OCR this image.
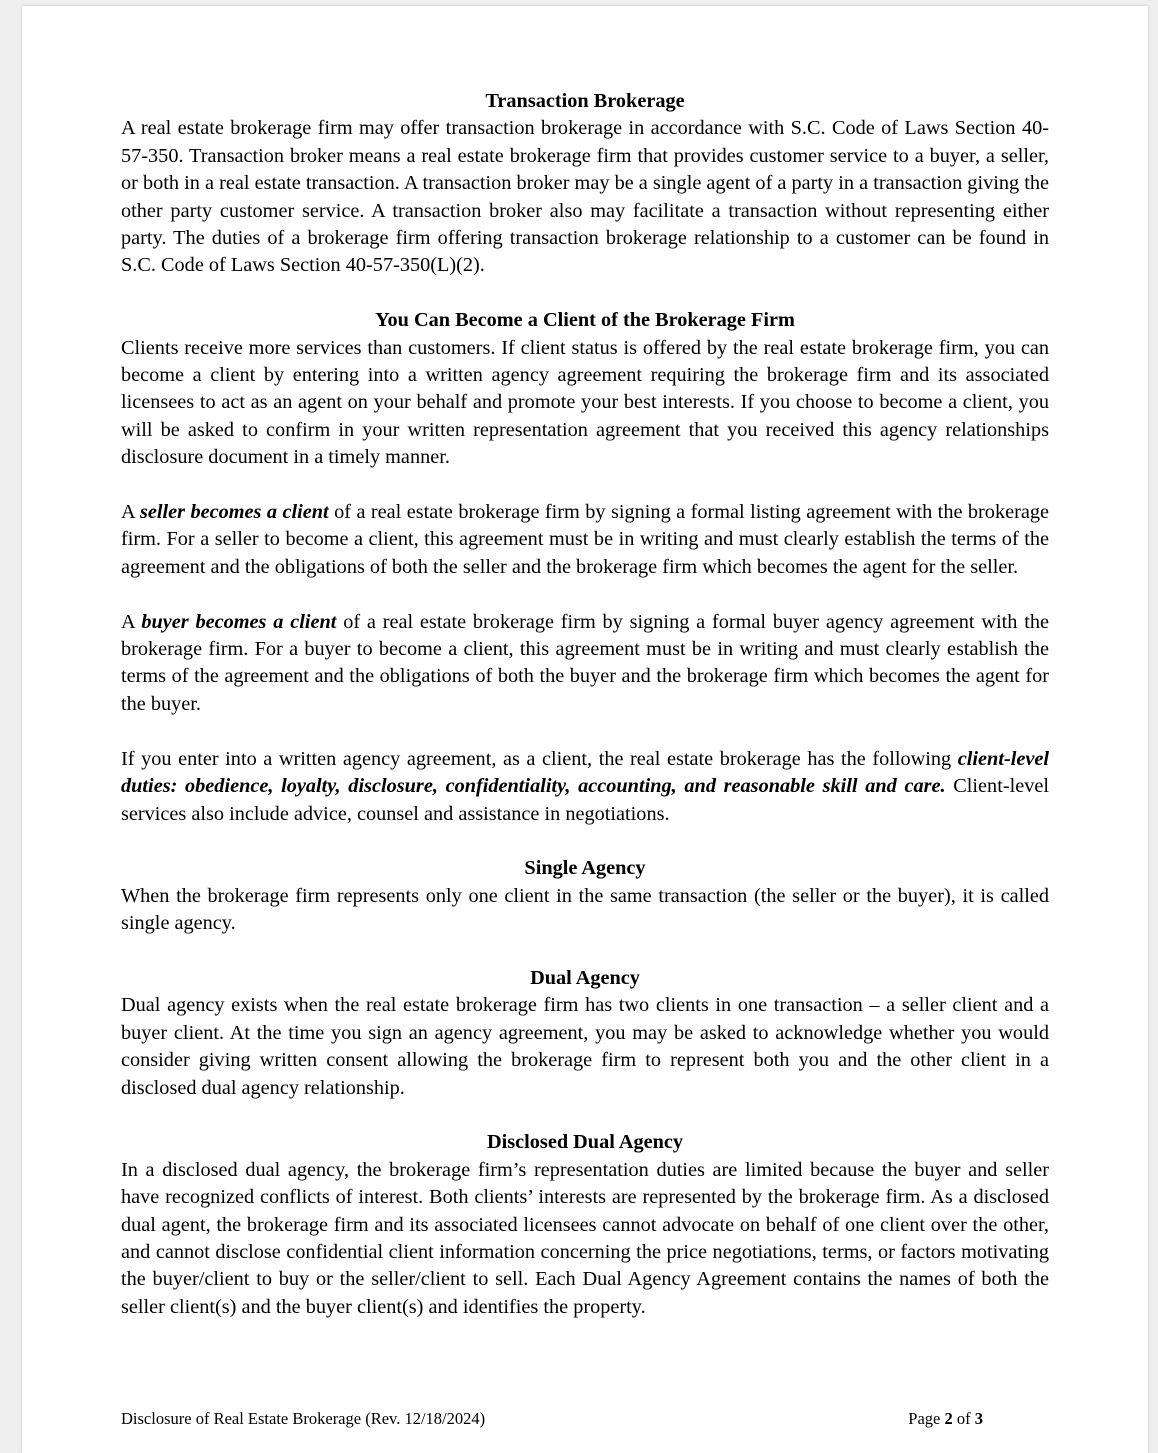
Transaction Brokerage

A real estate brokerage firm may offer transaction brokerage in accordance with S.C. Code of Laws Section 40- 57-350. Transaction broker means a real estate brokerage firm that provides customer service to a buyer, a seller, or both in a real estate transaction. A transaction broker may be a single agent of a party in a transaction giving the other party customer service. A transaction broker also may facilitate a transaction without representing either party. The duties of a brokerage firm offering transaction brokerage relationship to a customer can be found in S.C. Code of Laws Section 40-57-350(L)(2).

You Can Become a Client of the Brokerage Firm

Clients receive more services than customers. If client status is offered by the real estate brokerage firm, you can become a client by entering into a written agency agreement requiring the brokerage firm and its associated licensees to act as an agent on your behalf and promote your best interests. If you choose to become a client, you will be asked to confirm in your written representation agreement that you received this agency relationships disclosure document in a timely manner.

A seller becomes a client of a real estate brokerage firm by signing a formal listing agreement with the brokerage firm. For a seller to become a client, this agreement must be in writing and must clearly establish the terms of the agreement and the obligations of both the seller and the brokerage firm which becomes the agent for the seller.

A buyer becomes a client of a real estate brokerage firm by signing a formal buyer agency agreement with the brokerage firm. For a buyer to become a client, this agreement must be in writing and must clearly establish the terms of the agreement and the obligations of both the buyer and the brokerage firm which becomes the agent for the buyer.

If you enter into a written agency agreement, as a client, the real estate brokerage has the following client-level duties: obedience, loyalty, disclosure, confidentiality, accounting, and reasonable skill and care. Client-level services also include advice, counsel and assistance in negotiations.

Single Agency

When the brokerage firm represents only one client in the same transaction (the seller or the buyer), it is called single agency.

Dual Agency

Dual agency exists when the real estate brokerage firm has two clients in one transaction – a seller client and a buyer client. At the time you sign an agency agreement, you may be asked to acknowledge whether you would consider giving written consent allowing the brokerage firm to represent both you and the other client in a disclosed dual agency relationship.

Disclosed Dual Agency

In a disclosed dual agency, the brokerage firm’s representation duties are limited because the buyer and seller have recognized conflicts of interest. Both clients’ interests are represented by the brokerage firm. As a disclosed dual agent, the brokerage firm and its associated licensees cannot advocate on behalf of one client over the other, and cannot disclose confidential client information concerning the price negotiations, terms, or factors motivating the buyer/client to buy or the seller/client to sell. Each Dual Agency Agreement contains the names of both the seller client(s) and the buyer client(s) and identifies the property.

Disclosure of Real Estate Brokerage (Rev. 12/18/2024)	Page 2 of 3
